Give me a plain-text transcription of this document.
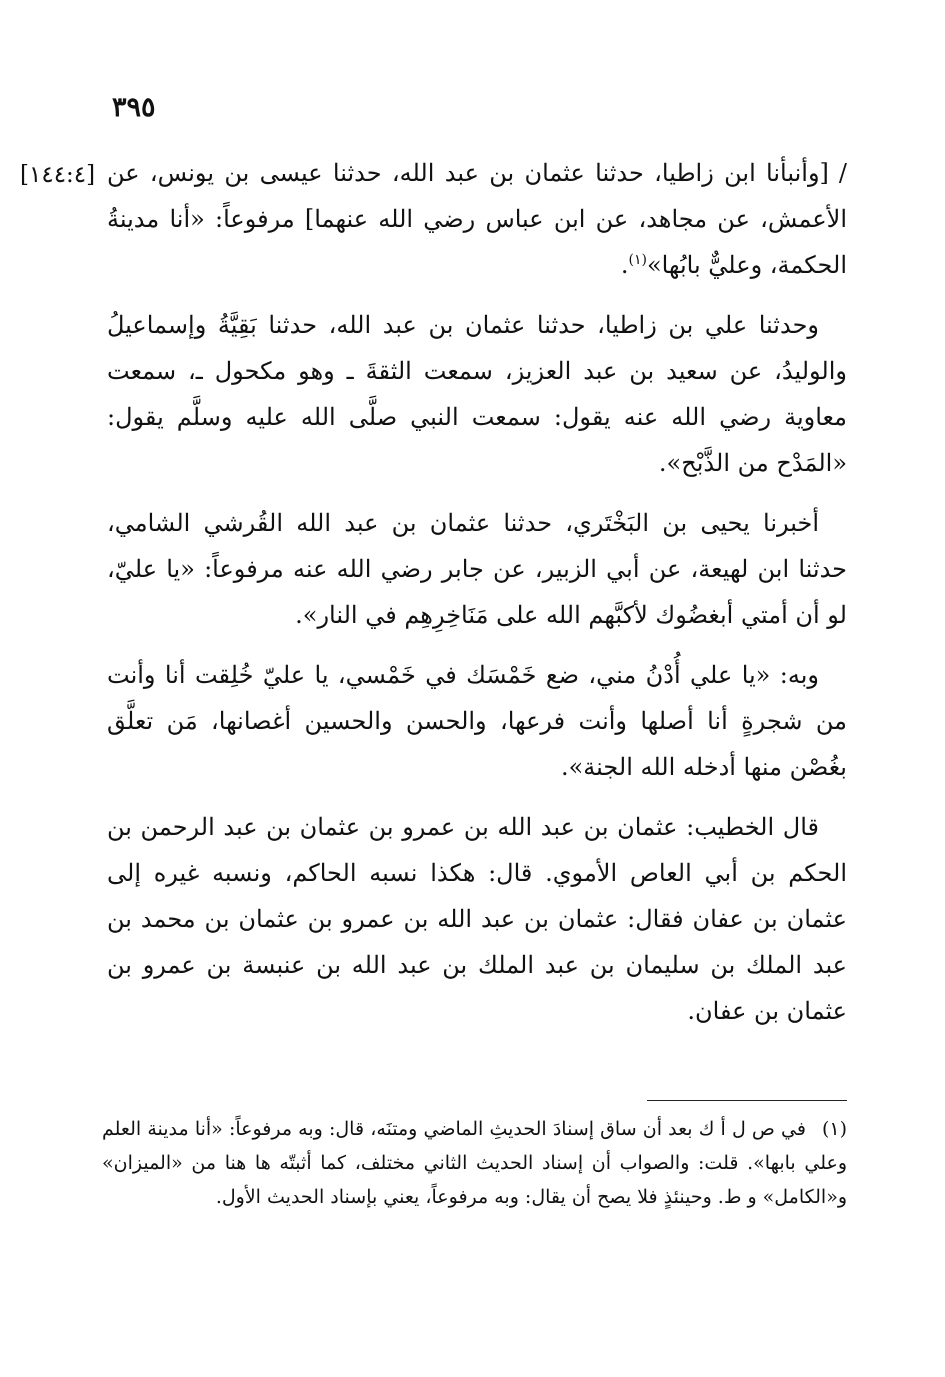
٣٩٥
[١٤٤:٤]	/[وأنبأنا ابن زاطيا، حدثنا عثمان بن عبد الله، حدثنا عيسى بن يونس، عن الأعمش، عن مجاهد، عن ابن عباس رضي الله عنهما] مرفوعاً: «أنا مدينةُ الحكمة، وعليٌّ بابُها»$^{(١)}$.

وحدثنا علي بن زاطيا، حدثنا عثمان بن عبد الله، حدثنا بَقِيَّةُ وإسماعيلُ والوليدُ، عن سعيد بن عبد العزيز، سمعت الثقةَ ـ وهو مكحول ـ، سمعت معاوية رضي الله عنه يقول: سمعت النبي صلَّى الله عليه وسلَّم يقول: «المَدْح من الذَّبْح».

أخبرنا يحيى بن البَخْتَري، حدثنا عثمان بن عبد الله القُرشي الشامي، حدثنا ابن لهيعة، عن أبي الزبير، عن جابر رضي الله عنه مرفوعاً: «يا عليّ، لو أن أمتي أبغضُوك لأكبَّهم الله على مَنَاخِرِهِم في النار».

وبه: «يا علي أُدْنُ مني، ضع خَمْسَك في خَمْسي، يا عليّ خُلِقت أنا وأنت من شجرةٍ أنا أصلها وأنت فرعها، والحسن والحسين أغصانها، مَن تعلَّق بغُصْن منها أدخله الله الجنة».

قال الخطيب: عثمان بن عبد الله بن عمرو بن عثمان بن عبد الرحمن بن الحكم بن أبي العاص الأموي. قال: هكذا نسبه الحاكم، ونسبه غيره إلى عثمان بن عفان فقال: عثمان بن عبد الله بن عمرو بن عثمان بن محمد بن عبد الملك بن سليمان بن عبد الملك بن عبد الله بن عنبسة بن عمرو بن عثمان بن عفان.

(١)في ص ل أ ك بعد أن ساق إسنادَ الحديثِ الماضي ومتنَه، قال: وبه مرفوعاً: «أنا مدينة العلم وعلي بابها». قلت: والصواب أن إسناد الحديث الثاني مختلف، كما أثبتّه ها هنا من «الميزان» و«الكامل» و ط. وحينئذٍ فلا يصح أن يقال: وبه مرفوعاً، يعني بإسناد الحديث الأول.
